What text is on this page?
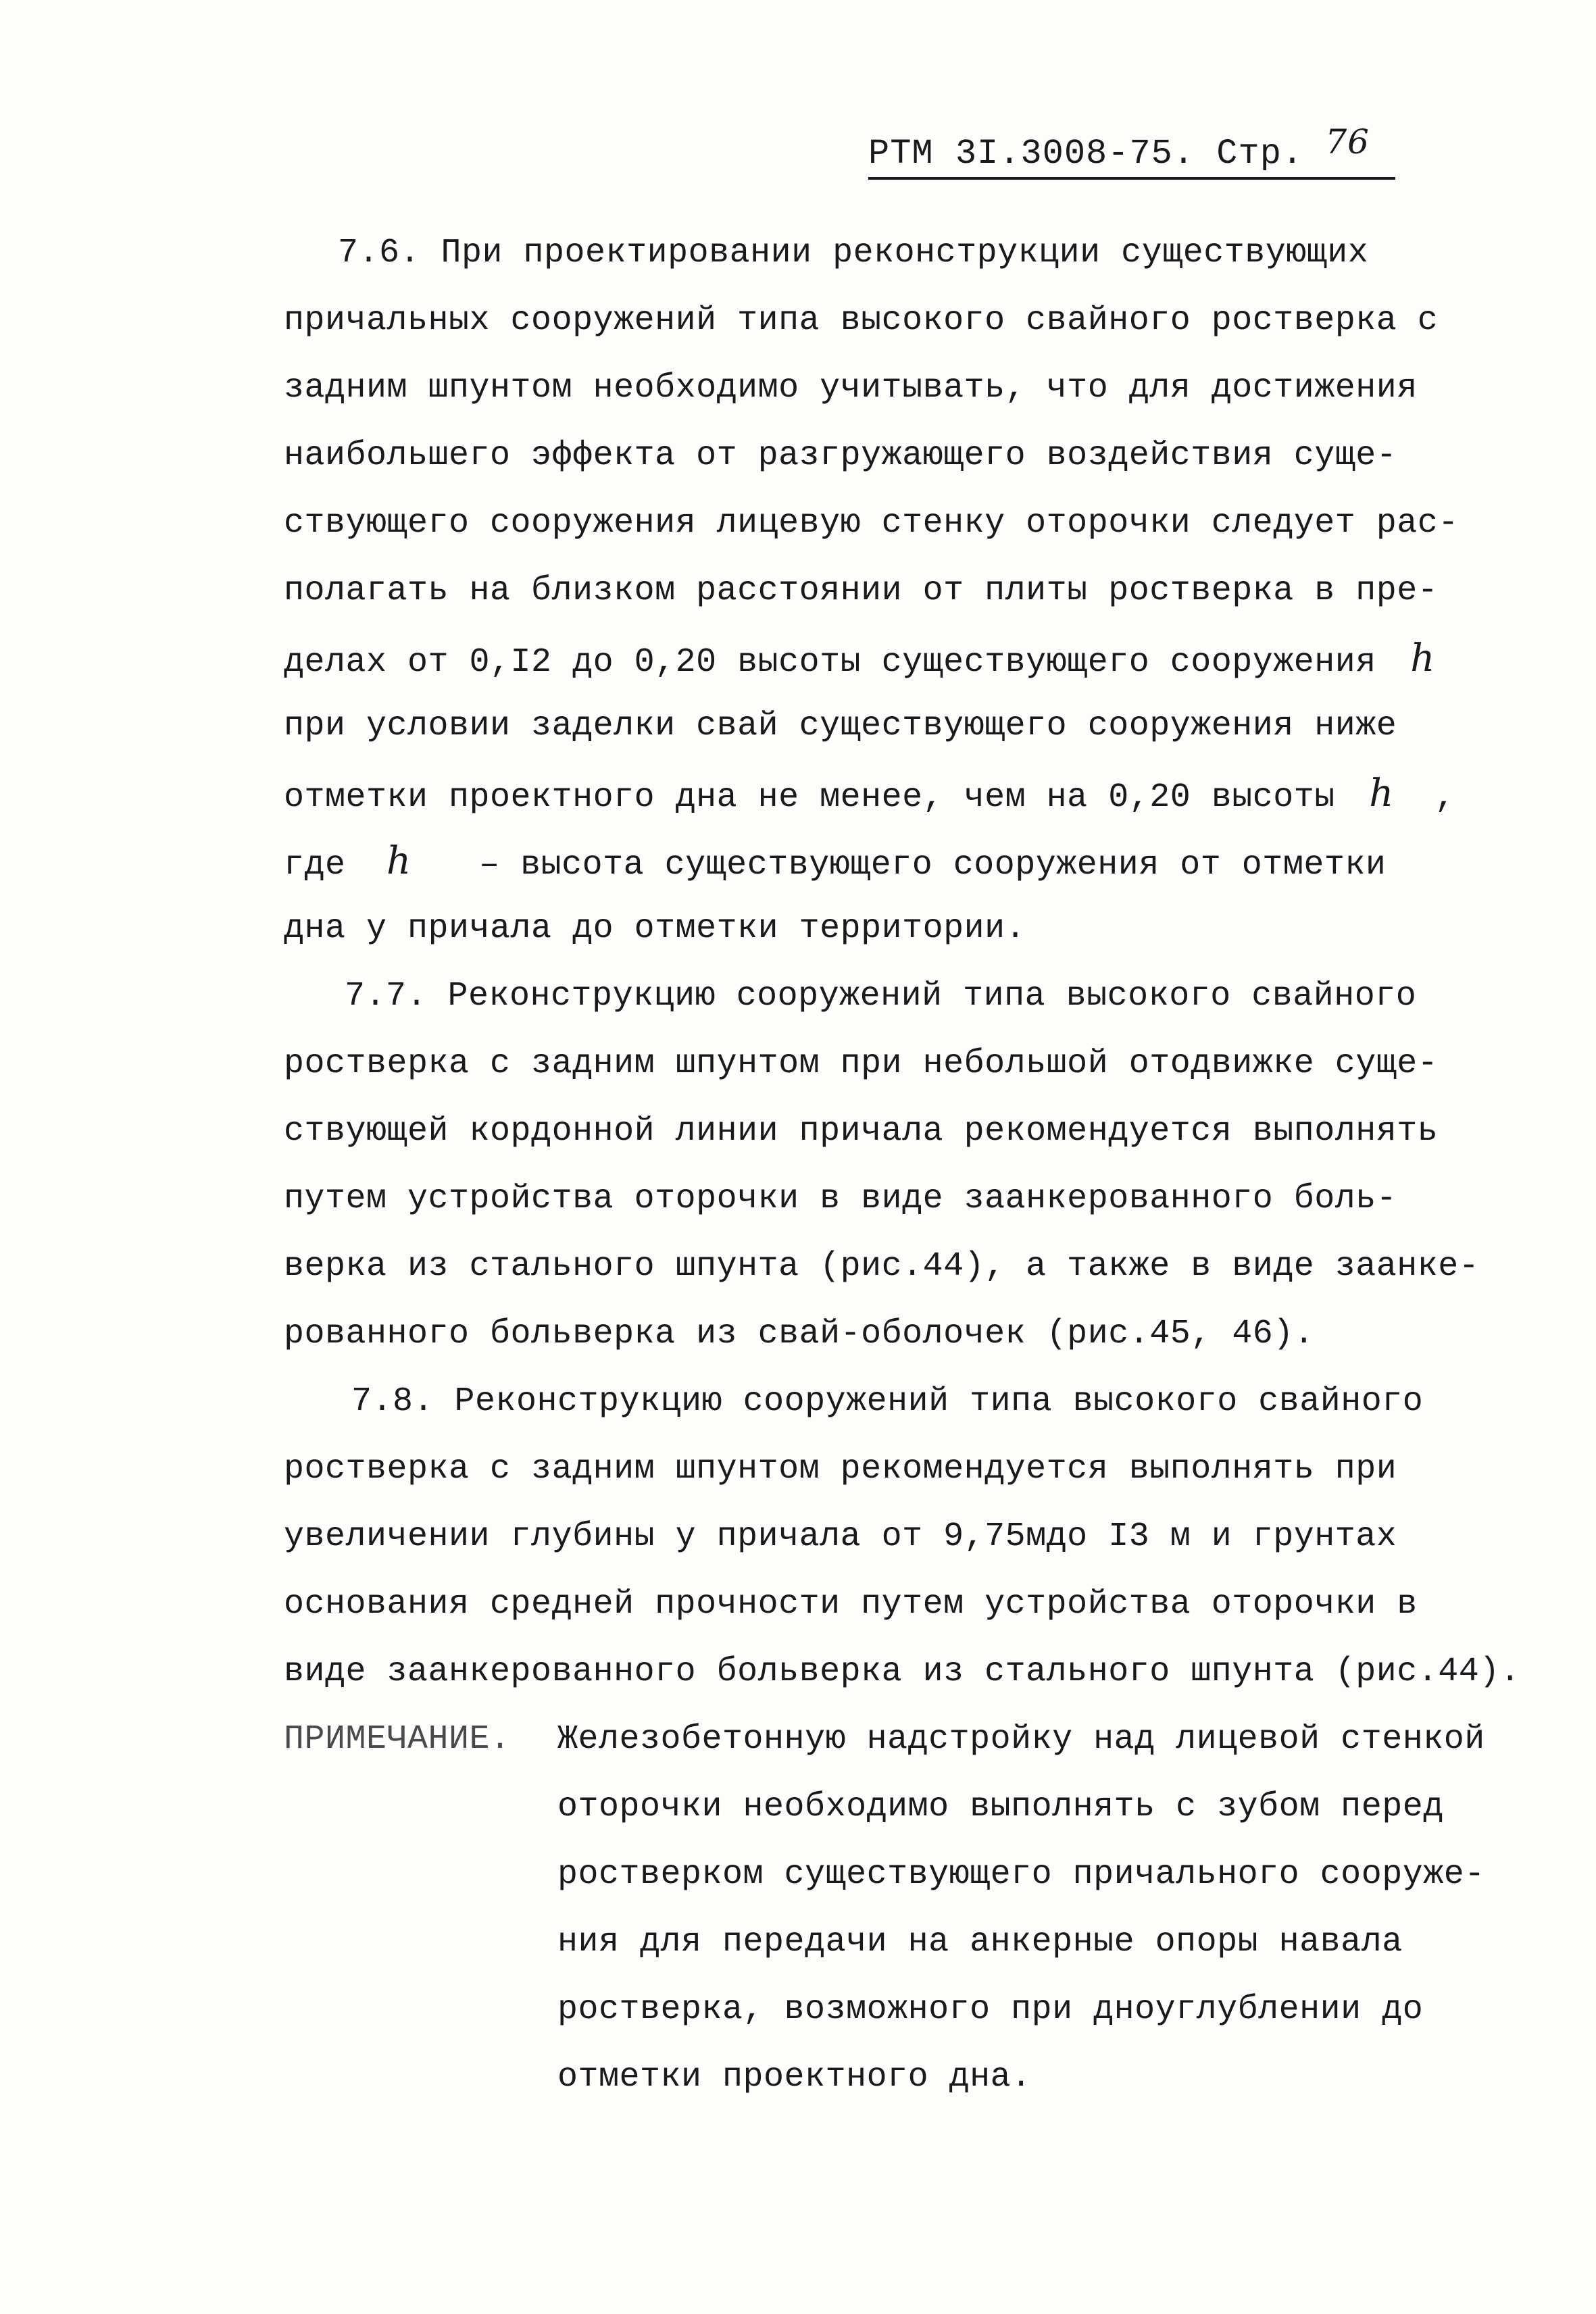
РТМ 3I.3008-75. Стр. 76
7.6. При проектировании реконструкции существующих
причальных сооружений типа высокого свайного ростверка с
задним шпунтом необходимо учитывать, что для достижения
наибольшего эффекта от разгружающего воздействия суще-
ствующего сооружения лицевую стенку оторочки следует рас-
полагать на близком расстоянии от плиты ростверка в пре-
делах от 0,I2 до 0,20 высоты существующего сооружения h
при условии заделки свай существующего сооружения ниже
отметки проектного дна не менее, чем на 0,20 высоты h ,
где h – высота существующего сооружения от отметки
дна у причала до отметки территории.
7.7. Реконструкцию сооружений типа высокого свайного
ростверка с задним шпунтом при небольшой отодвижке суще-
ствующей кордонной линии причала рекомендуется выполнять
путем устройства оторочки в виде заанкерованного боль-
верка из стального шпунта (рис.44), а также в виде заанке-
рованного больверка из свай-оболочек (рис.45, 46).
7.8. Реконструкцию сооружений типа высокого свайного
ростверка с задним шпунтом рекомендуется выполнять при
увеличении глубины у причала от 9,75мдо I3 м и грунтах
основания средней прочности путем устройства оторочки в
виде заанкерованного больверка из стального шпунта (рис.44).
ПРИМЕЧАНИЕ. Железобетонную надстройку над лицевой стенкой
оторочки необходимо выполнять с зубом перед
ростверком существующего причального сооруже-
ния для передачи на анкерные опоры навала
ростверка, возможного при дноуглублении до
отметки проектного дна.
